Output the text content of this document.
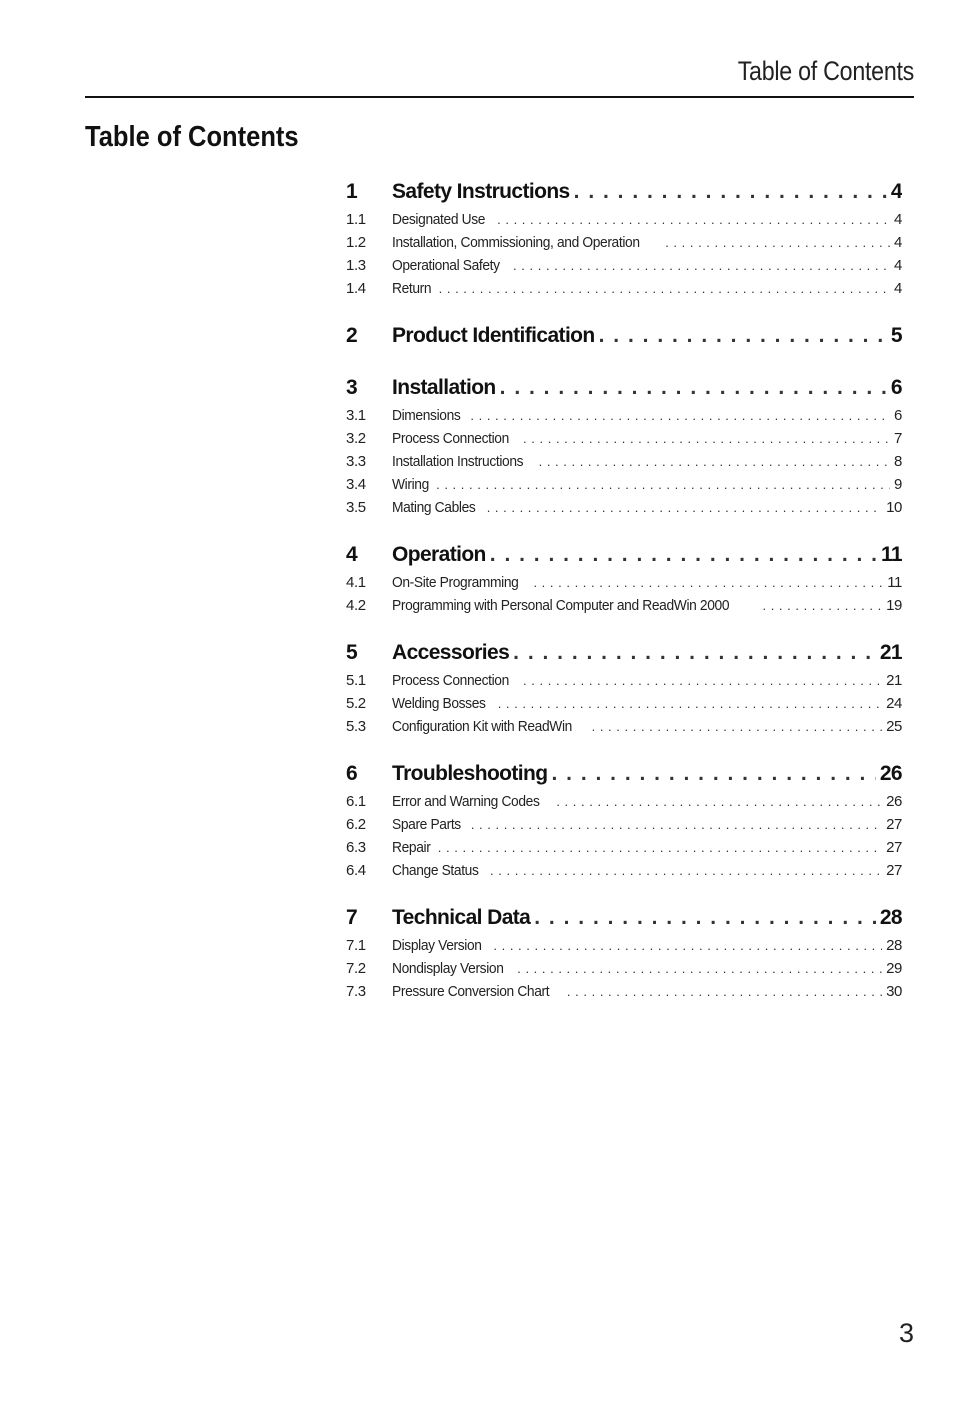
Table of Contents
Table of Contents
1	Safety Instructions . . .	4
1.1	Designated Use . . .	4
1.2	Installation, Commissioning, and Operation . . .	4
1.3	Operational Safety . . .	4
1.4	Return . . .	4
2	Product Identification . . .	5
3	Installation . . .	6
3.1	Dimensions . . .	6
3.2	Process Connection . . .	7
3.3	Installation Instructions . . .	8
3.4	Wiring . . .	9
3.5	Mating Cables . . .	10
4	Operation . . .	11
4.1	On-Site Programming . . .	11
4.2	Programming with Personal Computer and ReadWin 2000 . . .	19
5	Accessories . . .	21
5.1	Process Connection . . .	21
5.2	Welding Bosses . . .	24
5.3	Configuration Kit with ReadWin . . .	25
6	Troubleshooting . . .	26
6.1	Error and Warning Codes . . .	26
6.2	Spare Parts . . .	27
6.3	Repair . . .	27
6.4	Change Status . . .	27
7	Technical Data . . .	28
7.1	Display Version . . .	28
7.2	Nondisplay Version . . .	29
7.3	Pressure Conversion Chart . . .	30
3
